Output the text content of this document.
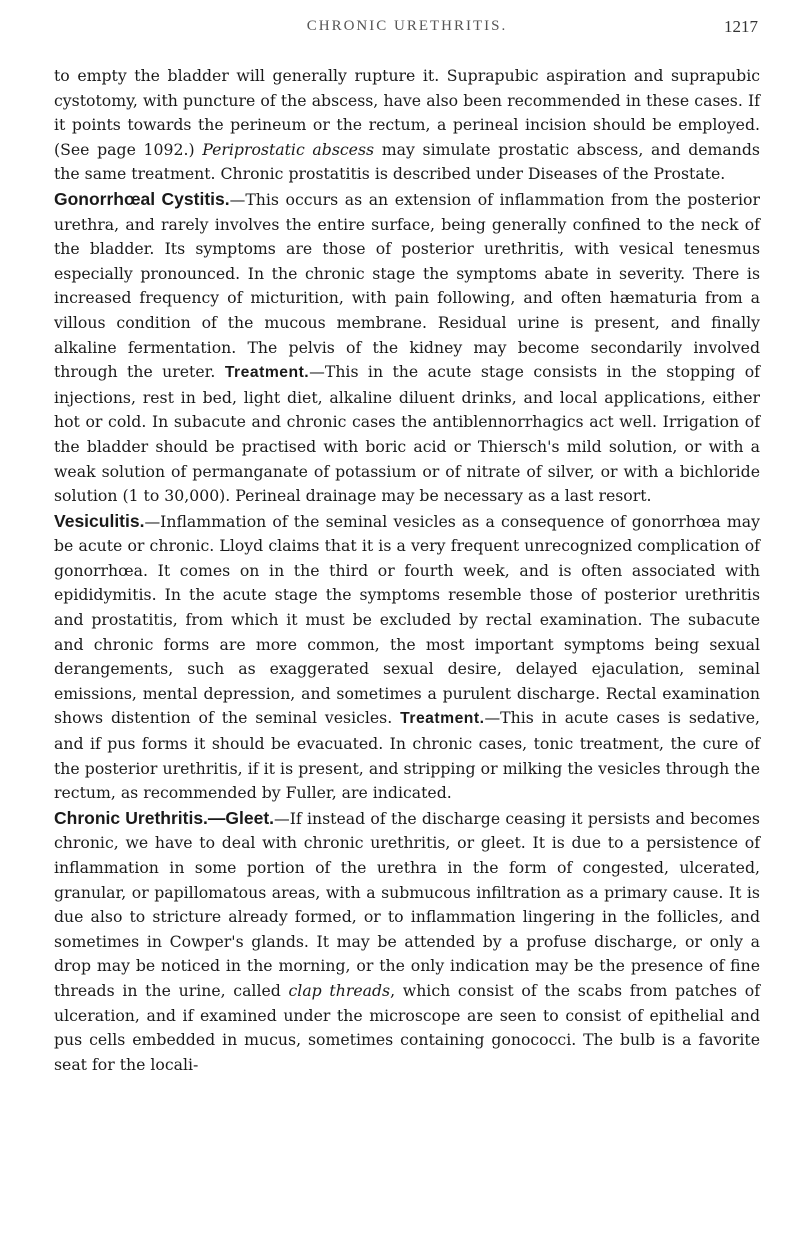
CHRONIC URETHRITIS.	1217

to empty the bladder will generally rupture it. Suprapubic aspiration and suprapubic cystotomy, with puncture of the abscess, have also been recommended in these cases. If it points towards the perineum or the rectum, a perineal incision should be employed. (See page 1092.) Periprostatic abscess may simulate prostatic abscess, and demands the same treatment. Chronic prostatitis is described under Diseases of the Prostate.

Gonorrhœal Cystitis.—This occurs as an extension of inflammation from the posterior urethra, and rarely involves the entire surface, being generally confined to the neck of the bladder. Its symptoms are those of posterior urethritis, with vesical tenesmus especially pronounced. In the chronic stage the symptoms abate in severity. There is increased frequency of micturition, with pain following, and often hæmaturia from a villous condition of the mucous membrane. Residual urine is present, and finally alkaline fermentation. The pelvis of the kidney may become secondarily involved through the ureter. Treatment.—This in the acute stage consists in the stopping of injections, rest in bed, light diet, alkaline diluent drinks, and local applications, either hot or cold. In subacute and chronic cases the antiblennorrhagics act well. Irrigation of the bladder should be practised with boric acid or Thiersch's mild solution, or with a weak solution of permanganate of potassium or of nitrate of silver, or with a bichloride solution (1 to 30,000). Perineal drainage may be necessary as a last resort.

Vesiculitis.—Inflammation of the seminal vesicles as a consequence of gonorrhœa may be acute or chronic. Lloyd claims that it is a very frequent unrecognized complication of gonorrhœa. It comes on in the third or fourth week, and is often associated with epididymitis. In the acute stage the symptoms resemble those of posterior urethritis and prostatitis, from which it must be excluded by rectal examination. The subacute and chronic forms are more common, the most important symptoms being sexual derangements, such as exaggerated sexual desire, delayed ejaculation, seminal emissions, mental depression, and sometimes a purulent discharge. Rectal examination shows distention of the seminal vesicles. Treatment.—This in acute cases is sedative, and if pus forms it should be evacuated. In chronic cases, tonic treatment, the cure of the posterior urethritis, if it is present, and stripping or milking the vesicles through the rectum, as recommended by Fuller, are indicated.

Chronic Urethritis.—Gleet.—If instead of the discharge ceasing it persists and becomes chronic, we have to deal with chronic urethritis, or gleet. It is due to a persistence of inflammation in some portion of the urethra in the form of congested, ulcerated, granular, or papillomatous areas, with a submucous infiltration as a primary cause. It is due also to stricture already formed, or to inflammation lingering in the follicles, and sometimes in Cowper's glands. It may be attended by a profuse discharge, or only a drop may be noticed in the morning, or the only indication may be the presence of fine threads in the urine, called clap threads, which consist of the scabs from patches of ulceration, and if examined under the microscope are seen to consist of epithelial and pus cells embedded in mucus, sometimes containing gonococci. The bulb is a favorite seat for the locali-
